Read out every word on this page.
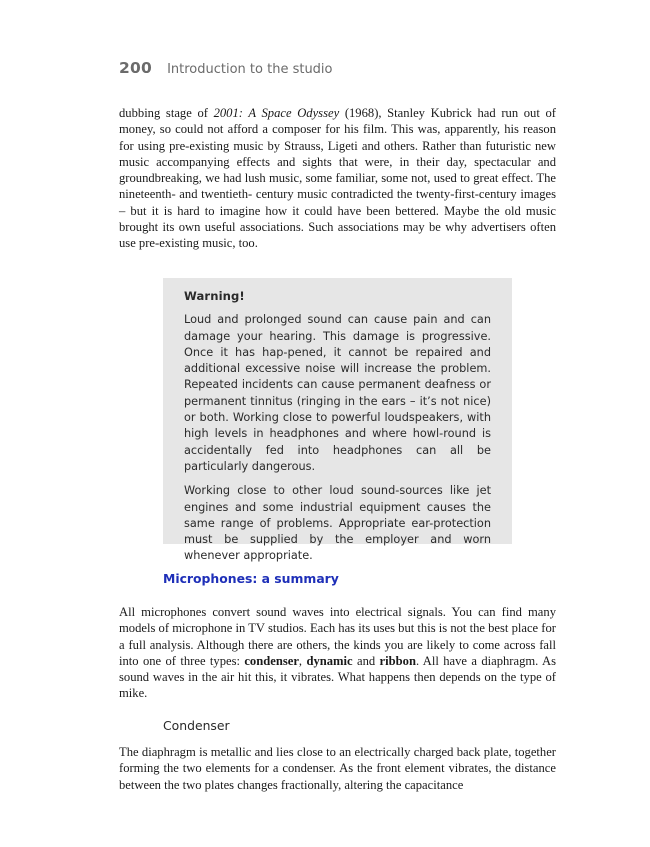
200 Introduction to the studio

dubbing stage of 2001: A Space Odyssey (1968), Stanley Kubrick had run out of money, so could not afford a composer for his film. This was, apparently, his reason for using pre-existing music by Strauss, Ligeti and others. Rather than futuristic new music accompanying effects and sights that were, in their day, spectacular and groundbreaking, we had lush music, some familiar, some not, used to great effect. The nineteenth- and twentieth- century music contradicted the twenty-first-century images – but it is hard to imagine how it could have been bettered. Maybe the old music brought its own useful associations. Such associations may be why advertisers often use pre-existing music, too.

Warning!

Loud and prolonged sound can cause pain and can damage your hearing. This damage is progressive. Once it has hap-pened, it cannot be repaired and additional excessive noise will increase the problem. Repeated incidents can cause permanent deafness or permanent tinnitus (ringing in the ears – it’s not nice) or both. Working close to powerful loudspeakers, with high levels in headphones and where howl-round is accidentally fed into headphones can all be particularly dangerous.

Working close to other loud sound-sources like jet engines and some industrial equipment causes the same range of problems. Appropriate ear-protection must be supplied by the employer and worn whenever appropriate.

Microphones: a summary

All microphones convert sound waves into electrical signals. You can find many models of microphone in TV studios. Each has its uses but this is not the best place for a full analysis. Although there are others, the kinds you are likely to come across fall into one of three types: condenser, dynamic and ribbon. All have a diaphragm. As sound waves in the air hit this, it vibrates. What happens then depends on the type of mike.

Condenser

The diaphragm is metallic and lies close to an electrically charged back plate, together forming the two elements for a condenser. As the front element vibrates, the distance between the two plates changes fractionally, altering the capacitance
